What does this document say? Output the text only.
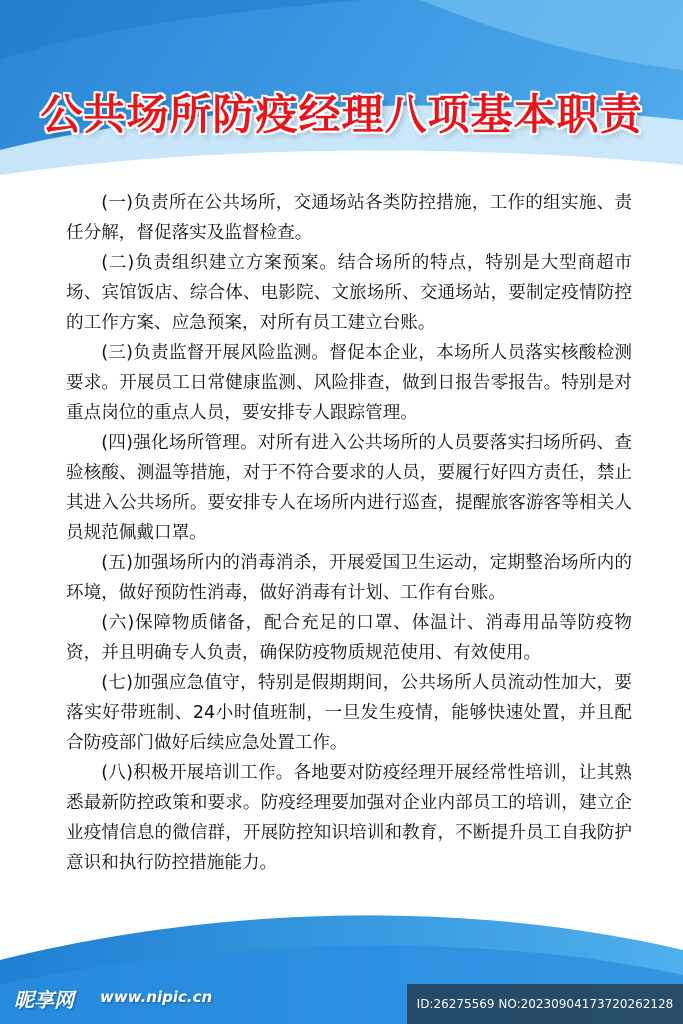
公共场所防疫经理八项基本职责

(一)负责所在公共场所，交通场站各类防控措施，工作的组实施、责任分解，督促落实及监督检查。

(二)负责组织建立方案预案。结合场所的特点，特别是大型商超市场、宾馆饭店、综合体、电影院、文旅场所、交通场站，要制定疫情防控的工作方案、应急预案，对所有员工建立台账。

(三)负责监督开展风险监测。督促本企业，本场所人员落实核酸检测要求。开展员工日常健康监测、风险排查，做到日报告零报告。特别是对重点岗位的重点人员，要安排专人跟踪管理。

(四)强化场所管理。对所有进入公共场所的人员要落实扫场所码、查验核酸、测温等措施，对于不符合要求的人员，要履行好四方责任，禁止其进入公共场所。要安排专人在场所内进行巡查，提醒旅客游客等相关人员规范佩戴口罩。

(五)加强场所内的消毒消杀，开展爱国卫生运动，定期整治场所内的环境，做好预防性消毒，做好消毒有计划、工作有台账。

(六)保障物质储备，配合充足的口罩、体温计、消毒用品等防疫物资，并且明确专人负责，确保防疫物质规范使用、有效使用。

(七)加强应急值守，特别是假期期间，公共场所人员流动性加大，要落实好带班制、24小时值班制，一旦发生疫情，能够快速处置，并且配合防疫部门做好后续应急处置工作。

(八)积极开展培训工作。各地要对防疫经理开展经常性培训，让其熟悉最新防控政策和要求。防疫经理要加强对企业内部员工的培训，建立企业疫情信息的微信群，开展防控知识培训和教育，不断提升员工自我防护意识和执行防控措施能力。

昵享网 www.nipic.cn	ID:26275569 NO:20230904173720262128
